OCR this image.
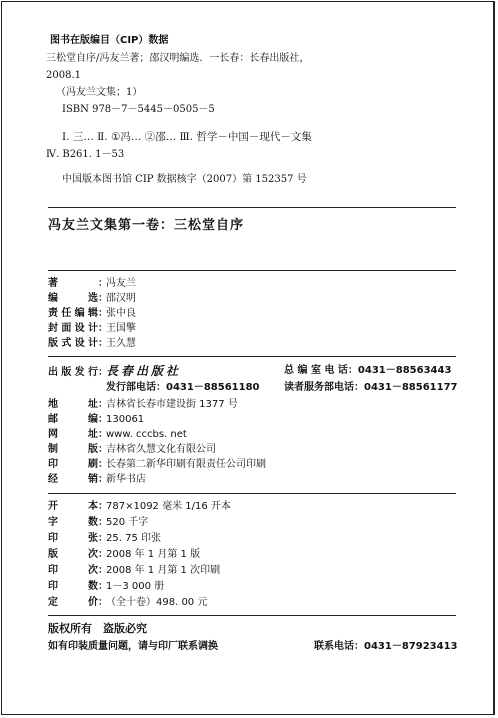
图书在版编目（CIP）数据
三松堂自序/冯友兰著；邵汉明编选．一长春：长春出版社，
2008.1
（冯友兰文集；1）
ISBN 978－7－5445－0505－5
Ⅰ. 三… Ⅱ. ①冯… ②邵… Ⅲ. 哲学－中国－现代－文集
Ⅳ. B261. 1－53
中国版本图书馆 CIP 数据核字（2007）第 152357 号
冯友兰文集第一卷：三松堂自序
著	：冯友兰
编选：邵汉明
责任编辑：张中良
封面设计：王国擎
版式设计：王久慧
出版发行：長春出版社	总 编 室 电 话：0431－88563443
发行部电话：0431－88561180 读者服务部电话：0431－88561177
地址：吉林省长春市建设街 1377 号
邮编：130061
网址：www. cccbs. net
制版：吉林省久慧文化有限公司
印刷：长春第二新华印刷有限责任公司印刷
经销：新华书店
开本：787×1092 毫米 1/16 开本
字数：520 千字
印张：25. 75 印张
版次：2008 年 1 月第 1 版
印次：2008 年 1 月第 1 次印刷
印数：1－3 000 册
定价：（全十卷）498. 00 元
版权所有　盗版必究
如有印装质量问题，请与印厂联系调换	联系电话：0431－87923413
